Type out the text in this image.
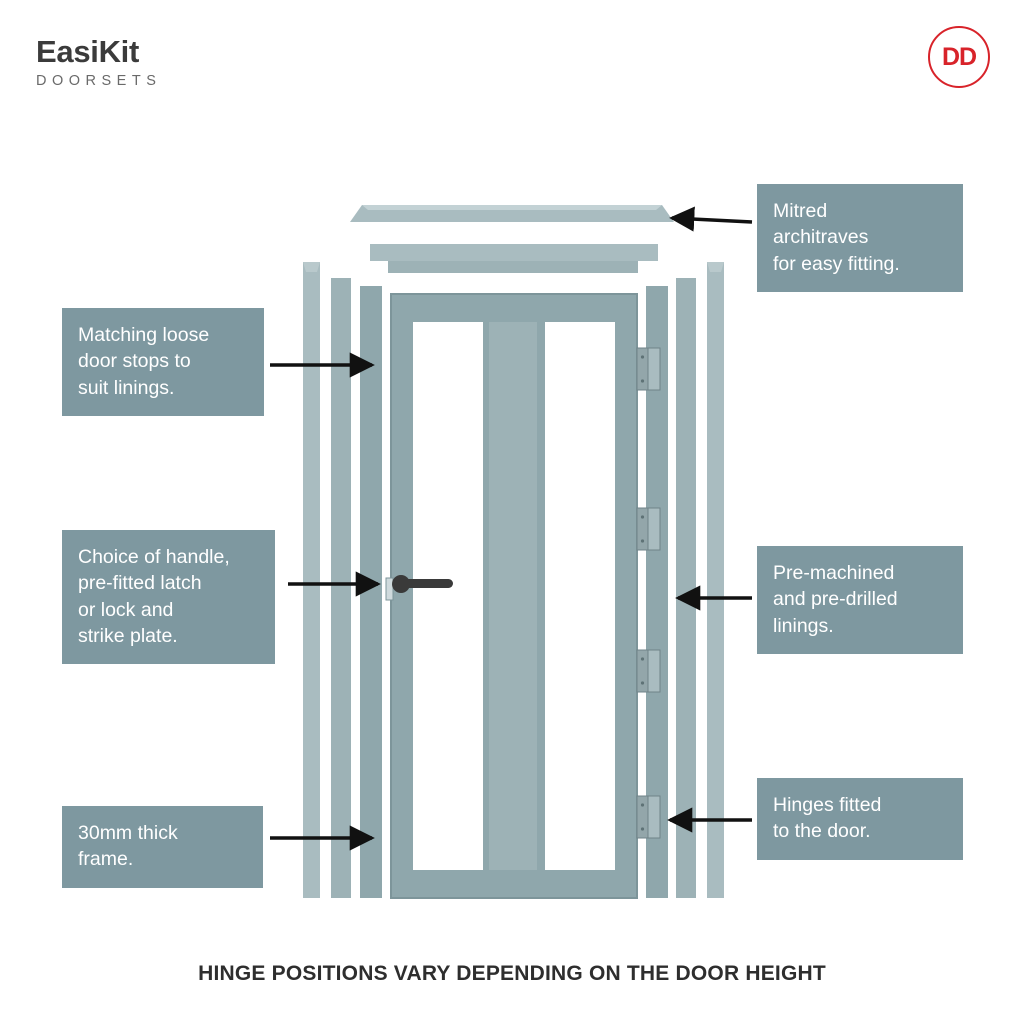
EasiKit
DOORSETS
DD
Mitred
architraves
for easy fitting.
Matching loose
door stops to
suit linings.
Choice of handle,
pre-fitted latch
or lock and
strike plate.
Pre-machined
and pre-drilled
linings.
30mm thick
frame.
Hinges fitted
to the door.
HINGE POSITIONS VARY DEPENDING ON THE DOOR HEIGHT
